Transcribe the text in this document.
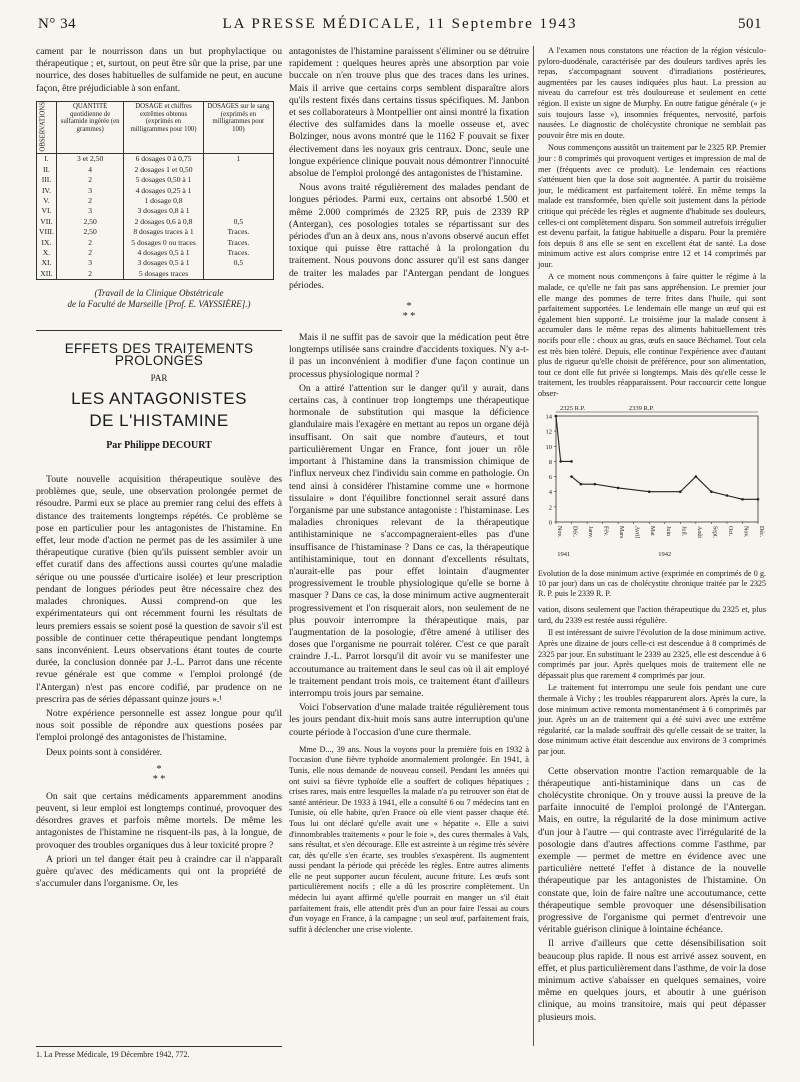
N° 34	LA PRESSE MÉDICALE, 11 Septembre 1943	501

cament par le nourrisson dans un but prophylactique ou thérapeutique ; et, surtout, on peut être sûr que la prise, par une nourrice, des doses habituelles de sulfamide ne peut, en aucune façon, être préjudiciable à son enfant.

OBSERVATIONS	QUANTITÉ quotidienne de sulfamide ingérée (en grammes)	DOSAGE et chiffres extrêmes obtenus (exprimés en milligrammes pour 100)	DOSAGES sur le sang (exprimés en milligrammes pour 100)
I.	3 et 2,50	6 dosages 0 à 0,75	1
II.	4	2 dosages 1 et 0,50	
III.	2	5 dosages 0,50 à 1	
IV.	3	4 dosages 0,25 à 1	
V.	2	1 dosage 0,8	
VI.	3	3 dosages 0,8 à 1	
VII.	2,50	2 dosages 0,6 à 0,8	0,5
VIII.	2,50	8 dosages traces à 1	Traces.
IX.	2	5 dosages 0 ou traces	Traces.
X.	2	4 dosages 0,5 à 1	Traces.
XI.	3	3 dosages 0,5 à 1	0,5
XII.	2	5 dosages traces	
(Travail de la Clinique Obstétricale
de la Faculté de Marseille [Prof. E. VAYSSIÈRE].)
EFFETS DES TRAITEMENTS PROLONGÉS
PAR
LES ANTAGONISTES
DE L'HISTAMINE
Par Philippe DECOURT

Toute nouvelle acquisition thérapeutique soulève des problèmes que, seule, une observation prolongée permet de résoudre. Parmi eux se place au premier rang celui des effets à distance des traitements longtemps répétés. Ce problème se pose en particulier pour les antagonistes de l'histamine. En effet, leur mode d'action ne permet pas de les assimiler à une thérapeutique curative (bien qu'ils puissent sembler avoir un effet curatif dans des affections aussi courtes qu'une maladie sérique ou une poussée d'urticaire isolée) et leur prescription pendant de longues périodes peut être nécessaire chez des malades chroniques. Aussi comprend-on que les expérimentateurs qui ont récemment fourni les résultats de leurs premiers essais se soient posé la question de savoir s'il est possible de continuer cette thérapeutique pendant longtemps sans inconvénient. Leurs observations étant toutes de courte durée, la conclusion donnée par J.-L. Parrot dans une récente revue générale est que comme « l'emploi prolongé (de l'Antergan) n'est pas encore codifié, par prudence on ne prescrira pas de séries dépassant quinze jours ».¹

Notre expérience personnelle est assez longue pour qu'il nous soit possible de répondre aux questions posées par l'emploi prolongé des antagonistes de l'histamine.

Deux points sont à considérer.

*
* *

On sait que certains médicaments apparemment anodins peuvent, si leur emploi est longtemps continué, provoquer des désordres graves et parfois même mortels. De même les antagonistes de l'histamine ne risquent-ils pas, à la longue, de provoquer des troubles organiques dus à leur toxicité propre ?

A priori un tel danger était peu à craindre car il n'apparaît guère qu'avec des médicaments qui ont la propriété de s'accumuler dans l'organisme. Or, les

1. La Presse Médicale, 19 Décembre 1942, 772.

antagonistes de l'histamine paraissent s'éliminer ou se détruire rapidement : quelques heures après une absorption par voie buccale on n'en trouve plus que des traces dans les urines. Mais il arrive que certains corps semblent disparaître alors qu'ils restent fixés dans certains tissus spécifiques. M. Janbon et ses collaborateurs à Montpellier ont ainsi montré la fixation élective des sulfamides dans la moelle osseuse et, avec Bolzinger, nous avons montré que le 1162 F pouvait se fixer électivement dans les noyaux gris centraux. Donc, seule une longue expérience clinique pouvait nous démontrer l'innocuité absolue de l'emploi prolongé des antagonistes de l'histamine.

Nous avons traité régulièrement des malades pendant de longues périodes. Parmi eux, certains ont absorbé 1.500 et même 2.000 comprimés de 2325 RP, puis de 2339 RP (Antergan), ces posologies totales se répartissant sur des périodes d'un an à deux ans, nous n'avons observé aucun effet toxique qui puisse être rattaché à la prolongation du traitement. Nous pouvons donc assurer qu'il est sans danger de traiter les malades par l'Antergan pendant de longues périodes.

*
* *

Mais il ne suffit pas de savoir que la médication peut être longtemps utilisée sans craindre d'accidents toxiques. N'y a-t-il pas un inconvénient à modifier d'une façon continue un processus physiologique normal ?

On a attiré l'attention sur le danger qu'il y aurait, dans certains cas, à continuer trop longtemps une thérapeutique hormonale de substitution qui masque la déficience glandulaire mais l'exagère en mettant au repos un organe déjà insuffisant. On sait que nombre d'auteurs, et tout particulièrement Ungar en France, font jouer un rôle important à l'histamine dans la transmission chimique de l'influx nerveux chez l'individu sain comme en pathologie. On tend ainsi à considérer l'histamine comme une « hormone tissulaire » dont l'équilibre fonctionnel serait assuré dans l'organisme par une substance antagoniste : l'histaminase. Les maladies chroniques relevant de la thérapeutique antihistaminique ne s'accompagneraient-elles pas d'une insuffisance de l'histaminase ? Dans ce cas, la thérapeutique antihistaminique, tout en donnant d'excellents résultats, n'aurait-elle pas pour effet lointain d'augmenter progressivement le trouble physiologique qu'elle se borne à masquer ? Dans ce cas, la dose minimum active augmenterait progressivement et l'on risquerait alors, non seulement de ne plus pouvoir interrompre la thérapeutique mais, par l'augmentation de la posologie, d'être amené à utiliser des doses que l'organisme ne pourrait tolérer. C'est ce que paraît craindre J.-L. Parrot lorsqu'il dit avoir vu se manifester une accoutumance au traitement dans le seul cas où il ait employé le traitement pendant trois mois, ce traitement étant d'ailleurs interrompu trois jours par semaine.

Voici l'observation d'une malade traitée régulièrement tous les jours pendant dix-huit mois sans autre interruption qu'une courte période à l'occasion d'une cure thermale.

Mme D..., 39 ans. Nous la voyons pour la première fois en 1932 à l'occasion d'une fièvre typhoïde anormalement prolongée. En 1941, à Tunis, elle nous demande de nouveau conseil. Pendant les années qui ont suivi sa fièvre typhoïde elle a souffert de coliques hépatiques ; crises rares, mais entre lesquelles la malade n'a pu retrouver son état de santé antérieur. De 1933 à 1941, elle a consulté 6 ou 7 médecins tant en Tunisie, où elle habite, qu'en France où elle vient passer chaque été. Tous lui ont déclaré qu'elle avait une « hépatite ». Elle a suivi d'innombrables traitements « pour le foie », des cures thermales à Vals, sans résultat, et s'en décourage. Elle est astreinte à un régime très sévère car, dès qu'elle s'en écarte, ses troubles s'exaspèrent. Ils augmentent aussi pendant la période qui précède les règles. Entre autres aliments elle ne peut supporter aucun féculent, aucune friture. Les œufs sont particulièrement nocifs ; elle a dû les proscrire complètement. Un médecin lui ayant affirmé qu'elle pourrait en manger un s'il était parfaitement frais, elle attendit près d'un an pour faire l'essai au cours d'un voyage en France, à la campagne ; un seul œuf, parfaitement frais, suffit à déclencher une crise violente.

A l'examen nous constatons une réaction de la région vésiculo-pyloro-duodénale, caractérisée par des douleurs tardives après les repas, s'accompagnant souvent d'irradiations postérieures, augmentées par les causes indiquées plus haut. La pression au niveau du carrefour est très douloureuse et seulement en cette région. Il existe un signe de Murphy. En outre fatigue générale (« je suis toujours lasse »), insomnies fréquentes, nervosité, parfois nausées. Le diagnostic de cholécystite chronique ne semblait pas pouvoir être mis en doute.

Nous commençons aussitôt un traitement par le 2325 RP. Premier jour : 8 comprimés qui provoquent vertiges et impression de mal de mer (fréquents avec ce produit). Le lendemain ces réactions s'atténuent bien que la dose soit augmentée. A partir du troisième jour, le médicament est parfaitement toléré. En même temps la malade est transformée, bien qu'elle soit justement dans la période critique qui précède les règles et augmente d'habitude ses douleurs, celles-ci ont complètement disparu. Son sommeil autrefois irrégulier est devenu parfait, la fatigue habituelle a disparu. Pour la première fois depuis 8 ans elle se sent en excellent état de santé. La dose minimum active est alors comprise entre 12 et 14 comprimés par jour.

A ce moment nous commençons à faire quitter le régime à la malade, ce qu'elle ne fait pas sans appréhension. Le premier jour elle mange des pommes de terre frites dans l'huile, qui sont parfaitement supportées. Le lendemain elle mange un œuf qui est également bien supporté. Le troisième jour la malade consent à accumuler dans le même repas des aliments habituellement très nocifs pour elle : choux au gras, œufs en sauce Béchamel. Tout cela est très bien toléré. Depuis, elle continue l'expérience avec d'autant plus de rigueur qu'elle choisit de préférence, pour son alimentation, tout ce dont elle fut privée si longtemps. Mais dès qu'elle cesse le traitement, les troubles réapparaissent. Pour raccourcir cette longue obser-

0
2
4
6
8
10
12
14
Nov. Déc. Janv. Fév. Mars Avril Mai Juin Juil. Août Sept. Oct. Nov. Déc.
1941	1942
2325 R.P.	2339 R.P.

Evolution de la dose minimum active (exprimée en comprimés de 0 g. 10 par jour) dans un cas de cholécystite chronique traitée par le 2325 R. P. puis le 2339 R. P.

vation, disons seulement que l'action thérapeutique du 2325 et, plus tard, du 2339 est restée aussi régulière.

Il est intéressant de suivre l'évolution de la dose minimum active. Après une dizaine de jours celle-ci est descendue à 8 comprimés de 2325 par jour. En substituant le 2339 au 2325, elle est descendue à 6 comprimés par jour. Après quelques mois de traitement elle ne dépassait plus que rarement 4 comprimés par jour.

Le traitement fut interrompu une seule fois pendant une cure thermale à Vichy ; les troubles réapparurent alors. Après la cure, la dose minimum active remonta momentanément à 6 comprimés par jour. Après un an de traitement qui a été suivi avec une extrême régularité, car la malade souffrait dès qu'elle cessait de se traiter, la dose minimum active était descendue aux environs de 3 comprimés par jour.

Cette observation montre l'action remarquable de la thérapeutique anti-histaminique dans un cas de cholécystite chronique. On y trouve aussi la preuve de la parfaite innocuité de l'emploi prolongé de l'Antergan. Mais, en outre, la régularité de la dose minimum active d'un jour à l'autre — qui contraste avec l'irrégularité de la posologie dans d'autres affections comme l'asthme, par exemple — permet de mettre en évidence avec une particulière netteté l'effet à distance de la nouvelle thérapeutique par les antagonistes de l'histamine. On constate que, loin de faire naître une accoutumance, cette thérapeutique semble provoquer une désensibilisation progressive de l'organisme qui permet d'entrevoir une véritable guérison clinique à lointaine échéance.

Il arrive d'ailleurs que cette désensibilisation soit beaucoup plus rapide. Il nous est arrivé assez souvent, en effet, et plus particulièrement dans l'asthme, de voir la dose minimum active s'abaisser en quelques semaines, voire même en quelques jours, et aboutir à une guérison clinique, au moins transitoire, mais qui peut dépasser plusieurs mois.
